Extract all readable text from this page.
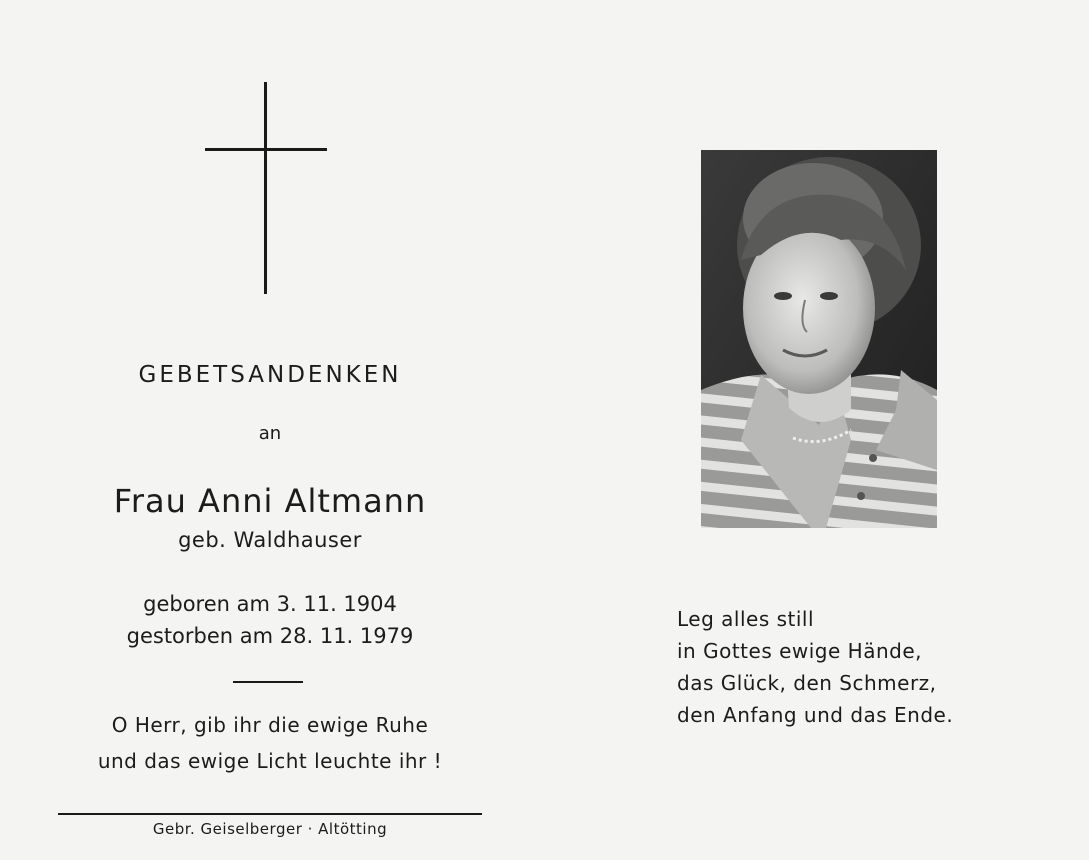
GEBETSANDENKEN
an
Frau Anni Altmann
geb. Waldhauser
geboren am 3. 11. 1904
gestorben am 28. 11. 1979
O Herr, gib ihr die ewige Ruhe
und das ewige Licht leuchte ihr !
Gebr. Geiselberger · Altötting
Leg alles still
in Gottes ewige Hände,
das Glück, den Schmerz,
den Anfang und das Ende.
